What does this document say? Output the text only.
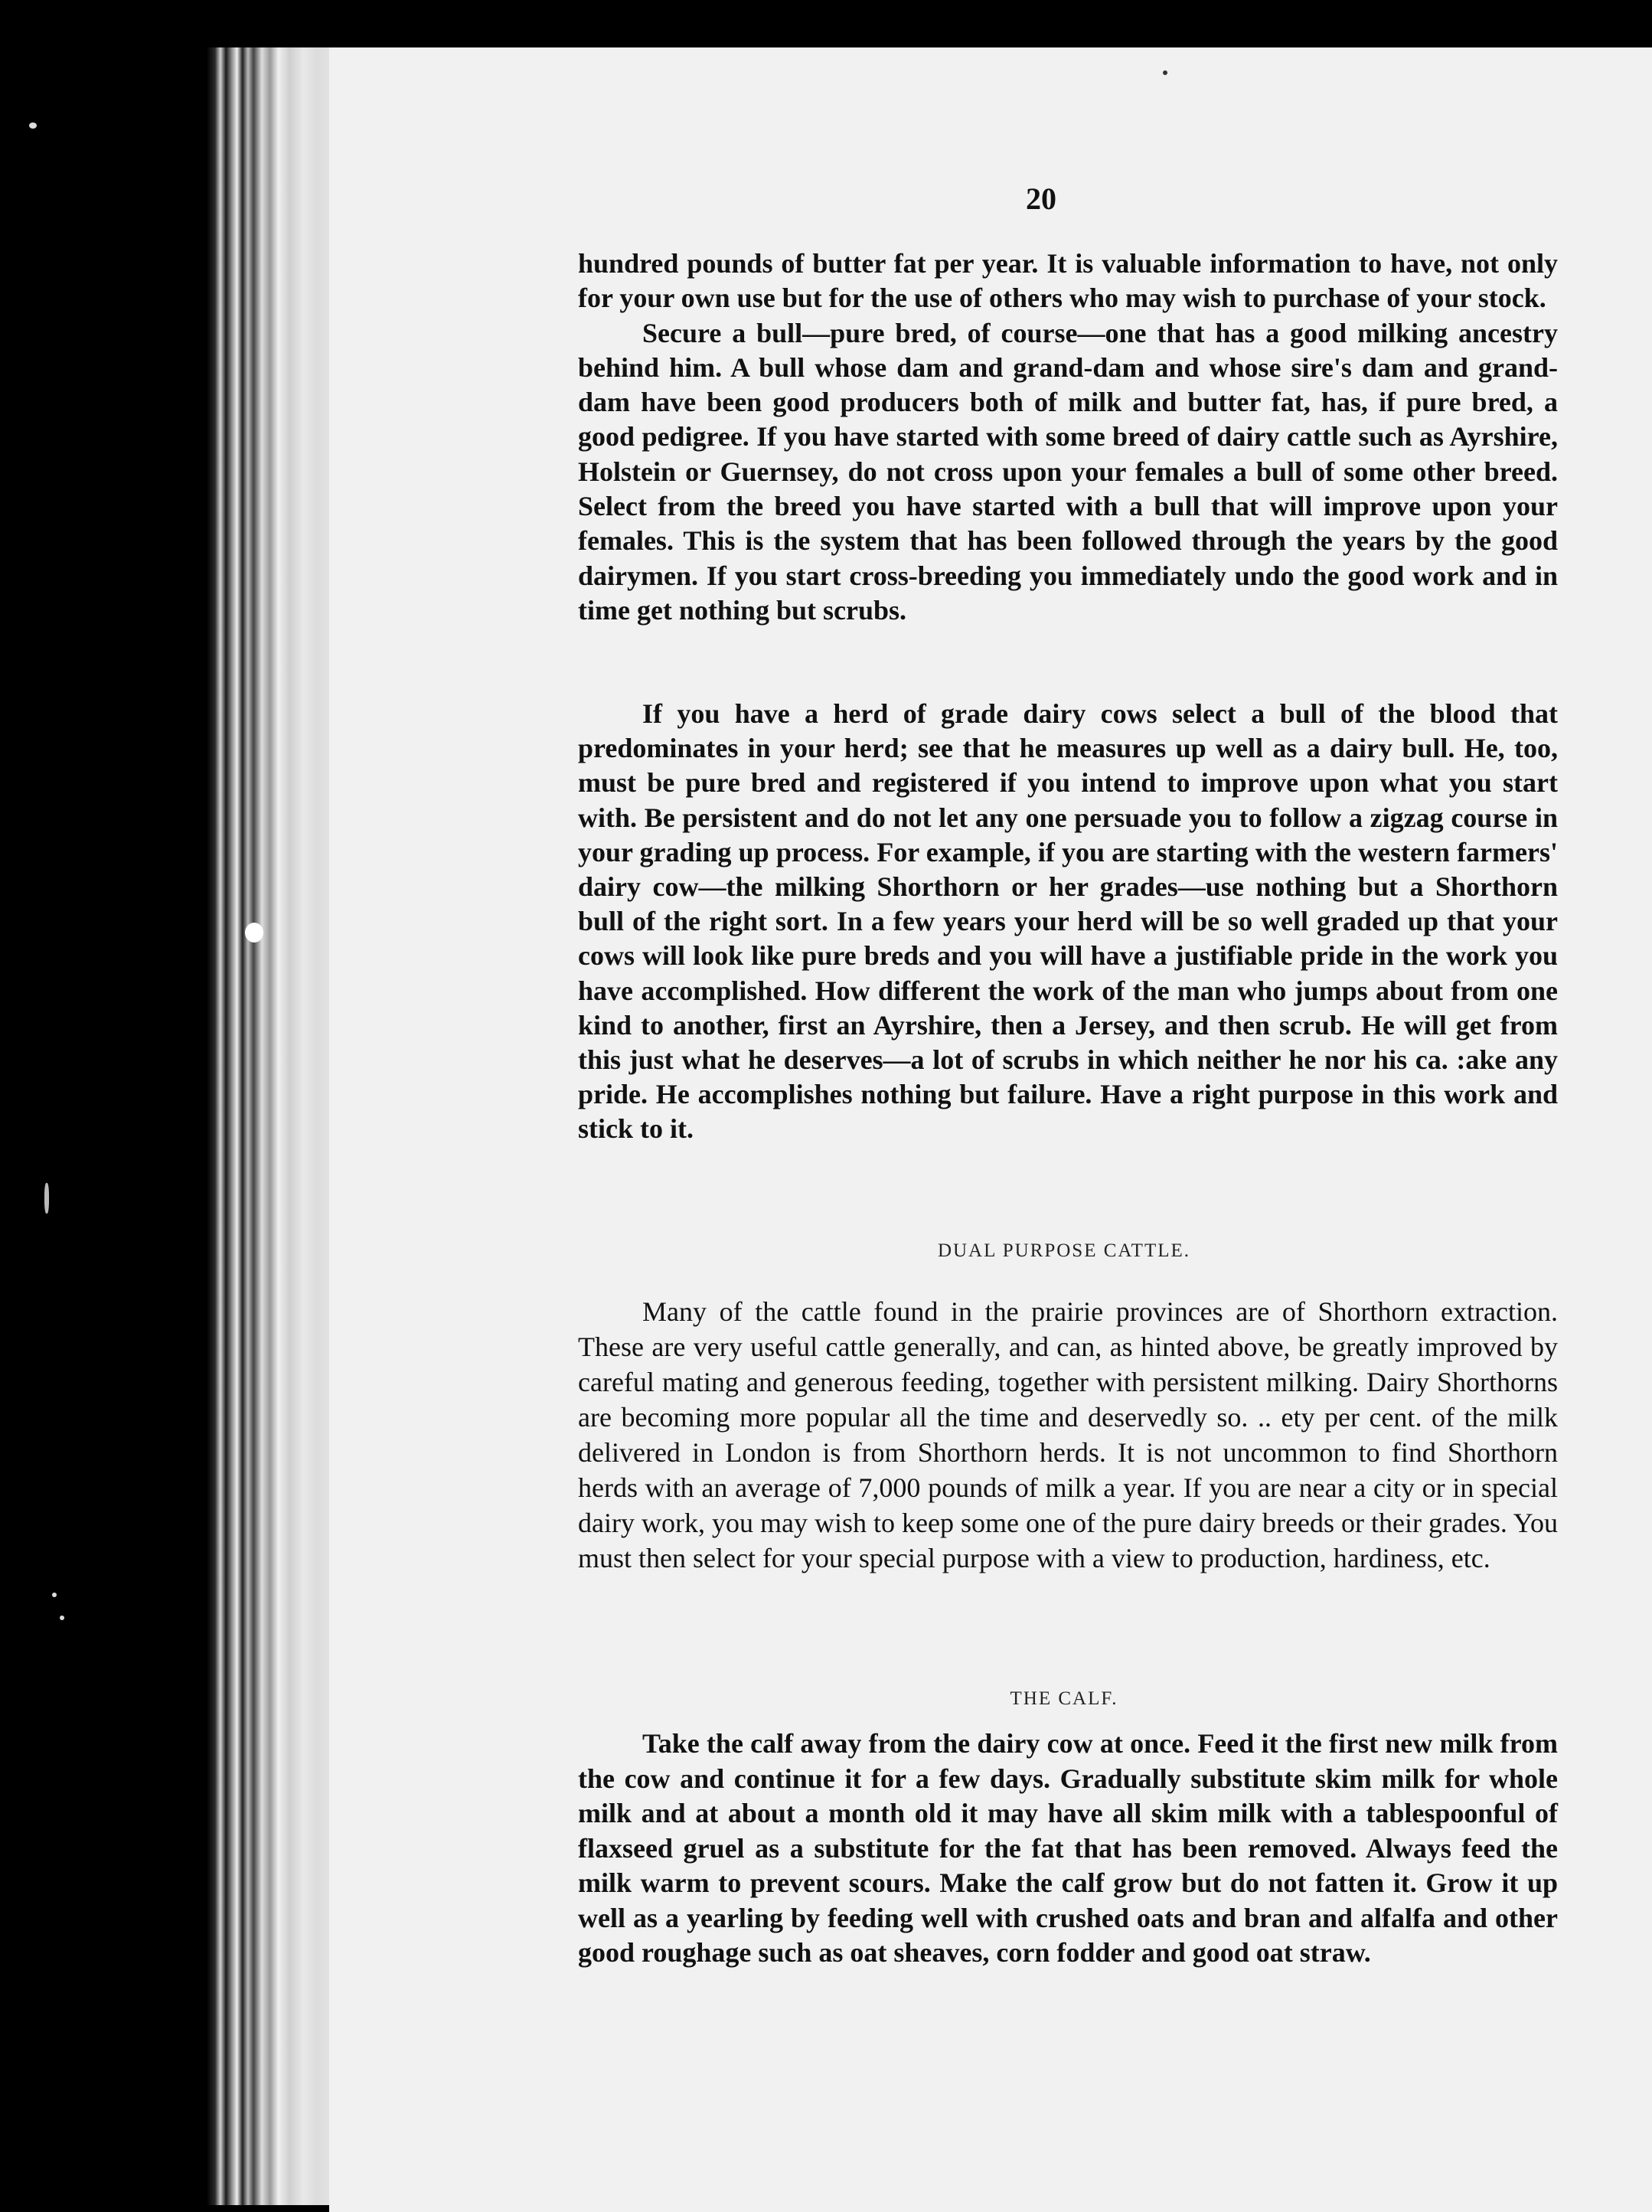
20

hundred pounds of butter fat per year. It is valuable information to have, not only for your own use but for the use of others who may wish to purchase of your stock.

Secure a bull—pure bred, of course—one that has a good milking ancestry behind him. A bull whose dam and grand-dam and whose sire's dam and grand-dam have been good producers both of milk and butter fat, has, if pure bred, a good pedigree. If you have started with some breed of dairy cattle such as Ayrshire, Holstein or Guernsey, do not cross upon your females a bull of some other breed. Select from the breed you have started with a bull that will improve upon your females. This is the system that has been followed through the years by the good dairymen. If you start cross-breeding you immediately undo the good work and in time get nothing but scrubs.

If you have a herd of grade dairy cows select a bull of the blood that predominates in your herd; see that he measures up well as a dairy bull. He, too, must be pure bred and registered if you intend to improve upon what you start with. Be persistent and do not let any one persuade you to follow a zigzag course in your grading up process. For example, if you are starting with the western farmers' dairy cow—the milking Shorthorn or her grades—use nothing but a Shorthorn bull of the right sort. In a few years your herd will be so well graded up that your cows will look like pure breds and you will have a justifiable pride in the work you have accomplished. How different the work of the man who jumps about from one kind to another, first an Ayrshire, then a Jersey, and then scrub. He will get from this just what he deserves—a lot of scrubs in which neither he nor his ca. :ake any pride. He accomplishes nothing but failure. Have a right purpose in this work and stick to it.

DUAL PURPOSE CATTLE.

Many of the cattle found in the prairie provinces are of Shorthorn extraction. These are very useful cattle generally, and can, as hinted above, be greatly improved by careful mating and generous feeding, together with persistent milking. Dairy Shorthorns are becoming more popular all the time and deservedly so. .. ety per cent. of the milk delivered in London is from Shorthorn herds. It is not uncommon to find Shorthorn herds with an average of 7,000 pounds of milk a year. If you are near a city or in special dairy work, you may wish to keep some one of the pure dairy breeds or their grades. You must then select for your special purpose with a view to production, hardiness, etc.

THE CALF.

Take the calf away from the dairy cow at once. Feed it the first new milk from the cow and continue it for a few days. Gradually substitute skim milk for whole milk and at about a month old it may have all skim milk with a tablespoonful of flaxseed gruel as a substitute for the fat that has been removed. Always feed the milk warm to prevent scours. Make the calf grow but do not fatten it. Grow it up well as a yearling by feeding well with crushed oats and bran and alfalfa and other good roughage such as oat sheaves, corn fodder and good oat straw.
